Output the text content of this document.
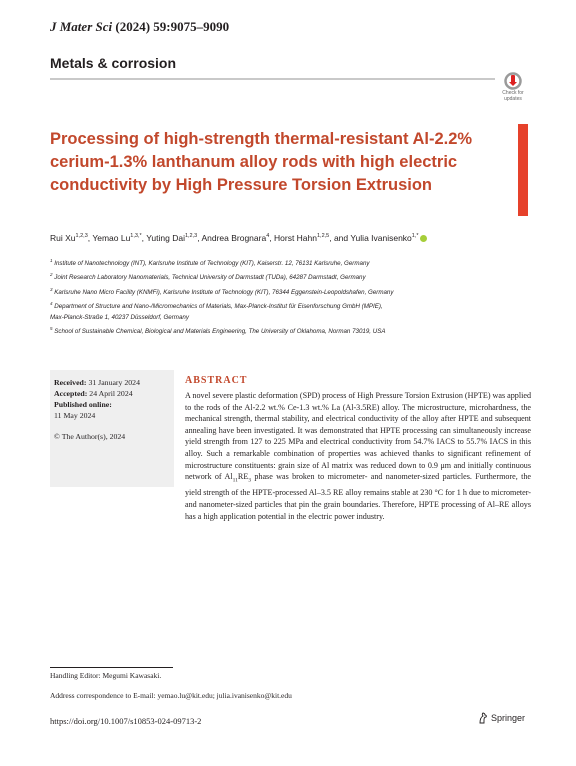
J Mater Sci (2024) 59:9075–9090
Metals & corrosion
Check for
updates
Processing of high-strength thermal-resistant Al-2.2% cerium-1.3% lanthanum alloy rods with high electric conductivity by High Pressure Torsion Extrusion
Rui Xu$^{1,2,3}$, Yemao $Lu^{1,3,*}$, Yuting Dai$^{1,2,3}$, Andrea Brognara$^4$, Horst Hahn$^{1,2,5}$, and Yulia Ivanisenko$^{1,*}$
$^1$ Institute of Nanotechnology (INT), Karlsruhe Institute of Technology (KIT), Kaiserstr. 12, 76131 Karlsruhe, Germany
$^2$ Joint Research Laboratory Nanomaterials, Technical University of Darmstadt (TUDa), 64287 Darmstadt, Germany
$^3$ Karlsruhe Nano Micro Facility (KNMFi), Karlsruhe Institute of Technology (KIT), 76344 Eggenstein-Leopoldshafen, Germany
$^4$ Department of Structure and Nano-/Micromechanics of Materials, Max-Planck-Institut für Eisenforschung GmbH (MPIE),
Max-Planck-Straße 1, 40237 Düsseldorf, Germany
$^5$ School of Sustainable Chemical, Biological and Materials Engineering, The University of Oklahoma, Norman 73019, USA
Received: 31 January 2024
Accepted: 24 April 2024
Published online:
11 May 2024
© The Author(s), 2024
ABSTRACT

A novel severe plastic deformation (SPD) process of High Pressure Torsion Extrusion (HPTE) was applied to the rods of the Al-2.2 wt.% Ce-1.3 wt.% La (Al-3.5RE) alloy. The microstructure, microhardness, the mechanical strength, thermal stability, and electrical conductivity of the alloy after HPTE and subsequent annealing have been investigated. It was demonstrated that HPTE processing can simultaneously increase yield strength from 127 to 225 MPa and electrical conductivity from 54.7% IACS to 55.7% IACS in this alloy. Such a remarkable combination of properties was achieved thanks to significant refinement of microstructure constituents: grain size of Al matrix was reduced down to 0.9 μm and initially continuous network of $Al_{11}RE_3$ phase was broken to micrometer- and nanometer-sized particles. Furthermore, the yield strength of the HPTE-processed Al–3.5 RE alloy remains stable at 230 °C for 1 h due to micrometer- and nanometer-sized particles that pin the grain boundaries. Therefore, HPTE processing of Al–RE alloys has a high application potential in the electric power industry.

Handling Editor: Megumi Kawasaki.
Address correspondence to E-mail: yemao.lu@kit.edu; julia.ivanisenko@kit.edu
https://doi.org/10.1007/s10853-024-09713-2	Springer
